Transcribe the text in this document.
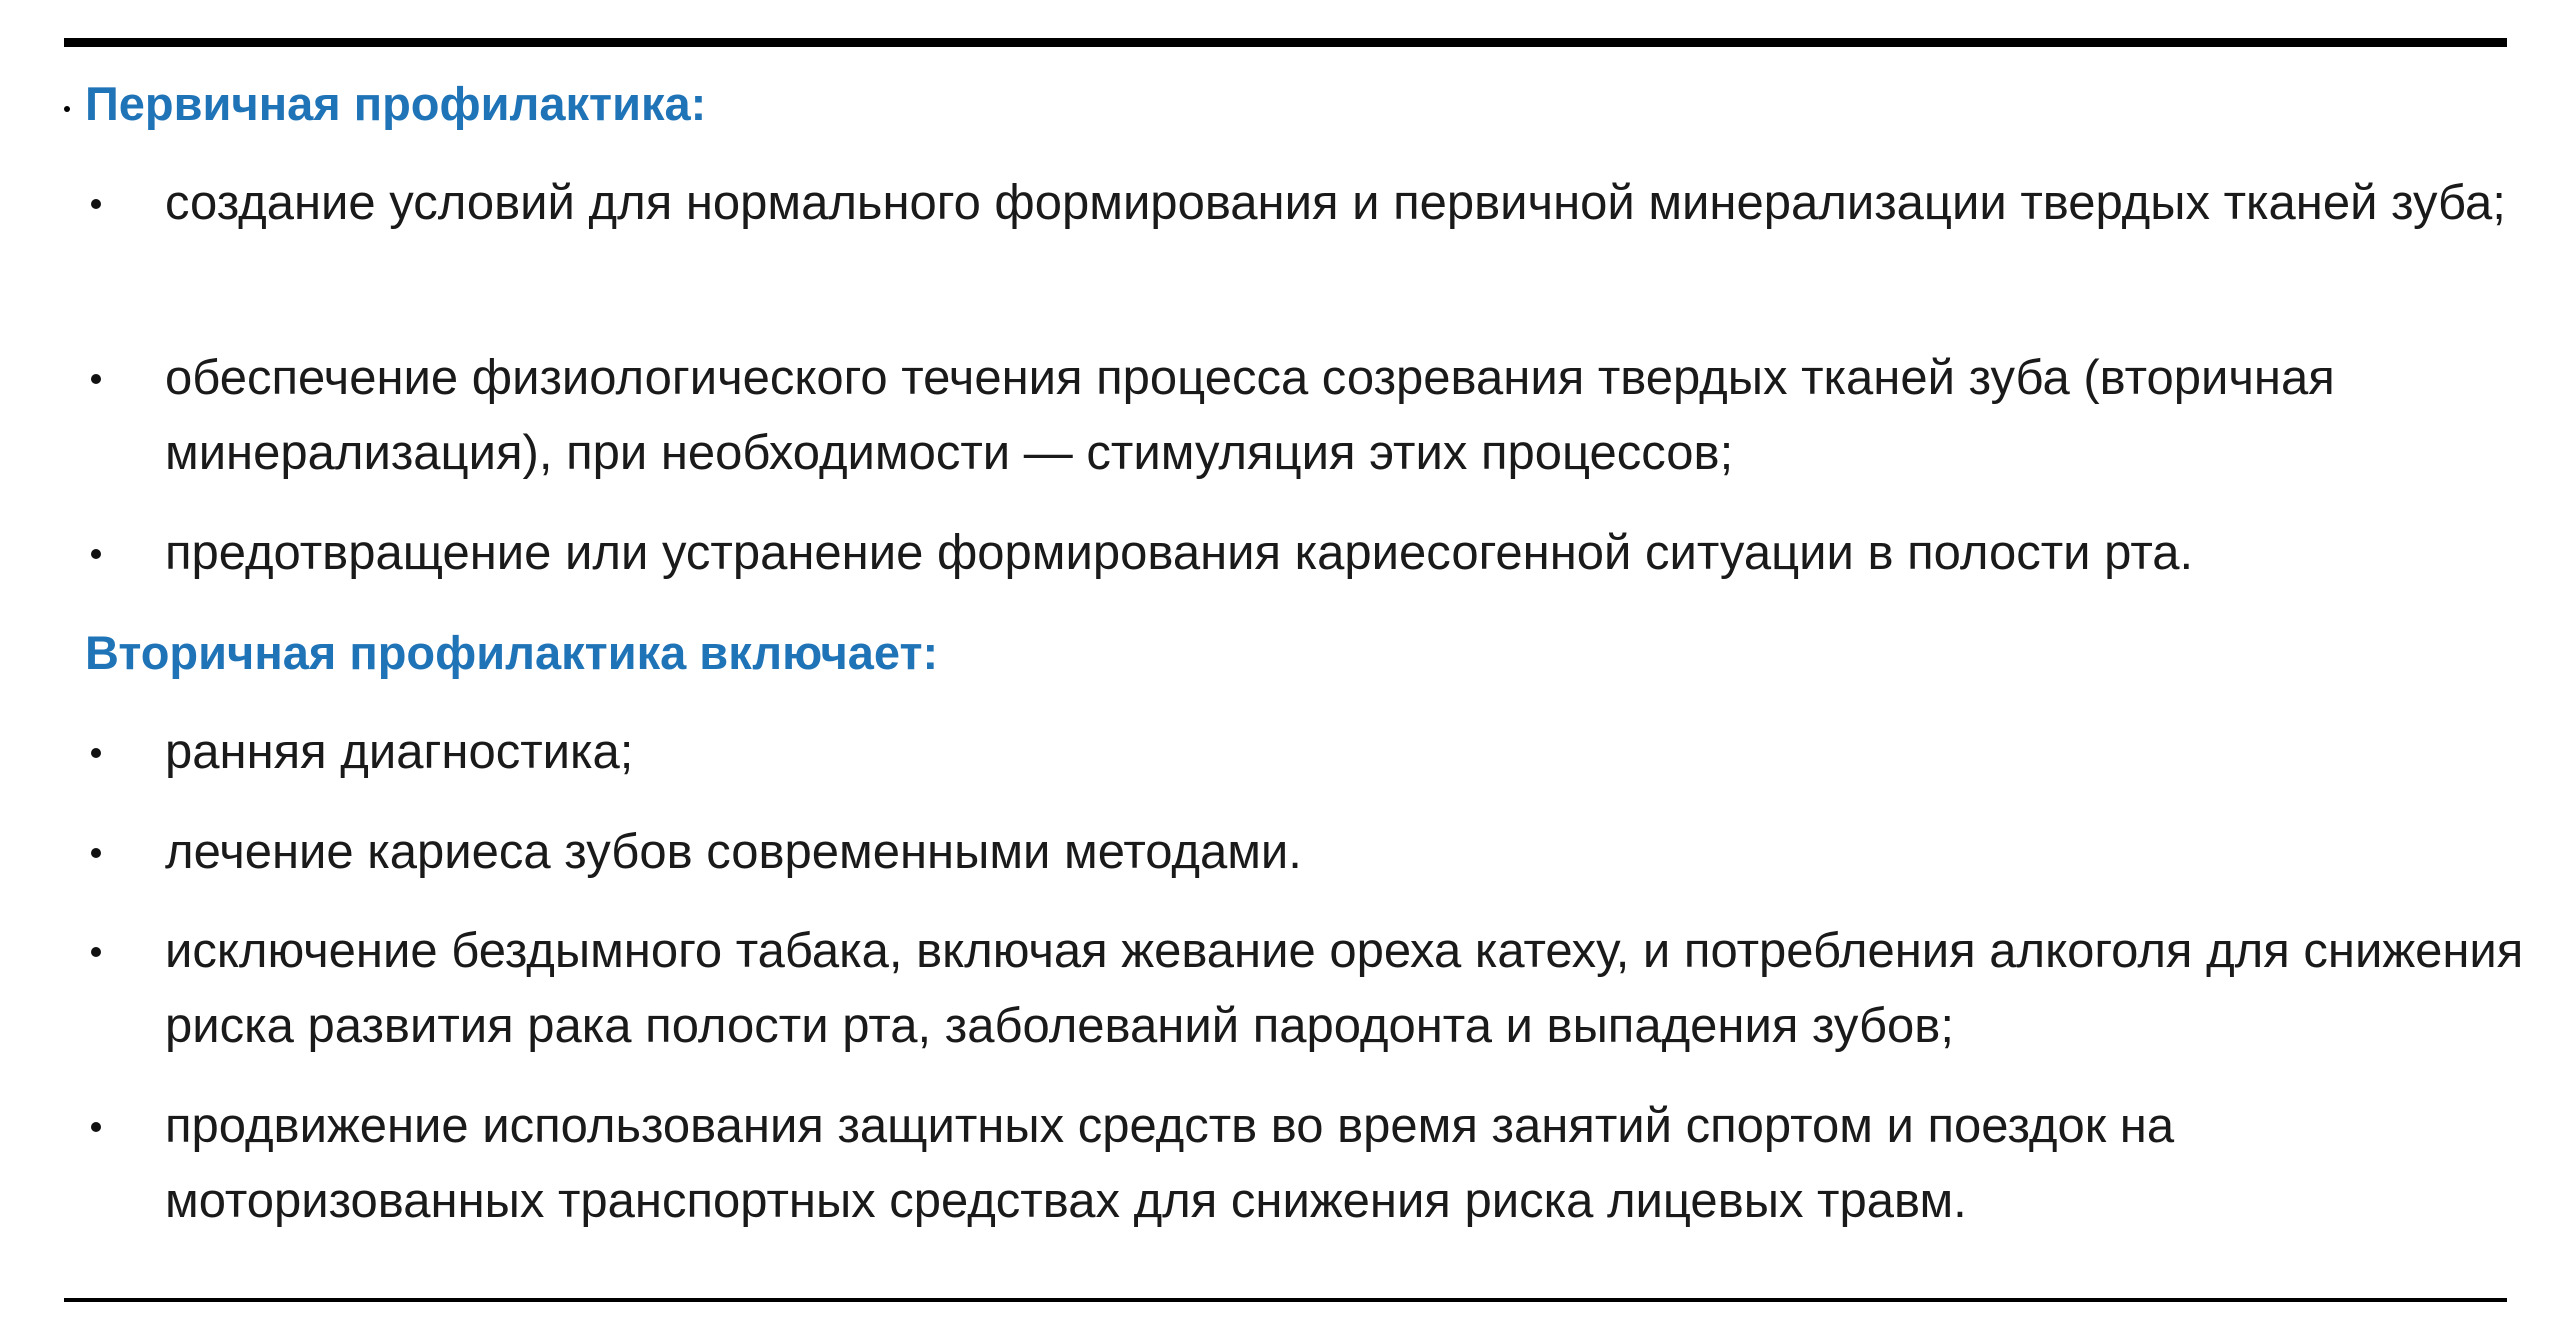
Первичная профилактика:
создание условий для нормального формирования и первичной минерализации твердых тканей зуба;
обеспечение физиологического течения процесса созревания твердых тканей зуба (вторичная минерализация), при необходимости — стимуляция этих процессов;
предотвращение или устранение формирования кариесогенной ситуации в полости рта.
Вторичная профилактика включает:
ранняя диагностика;
лечение кариеса зубов современными методами.
исключение бездымного табака, включая жевание ореха катеху, и потребления алкоголя для снижения риска развития рака полости рта, заболеваний пародонта и выпадения зубов;
продвижение использования защитных средств во время занятий спортом и поездок на моторизованных транспортных средствах для снижения риска лицевых травм.
